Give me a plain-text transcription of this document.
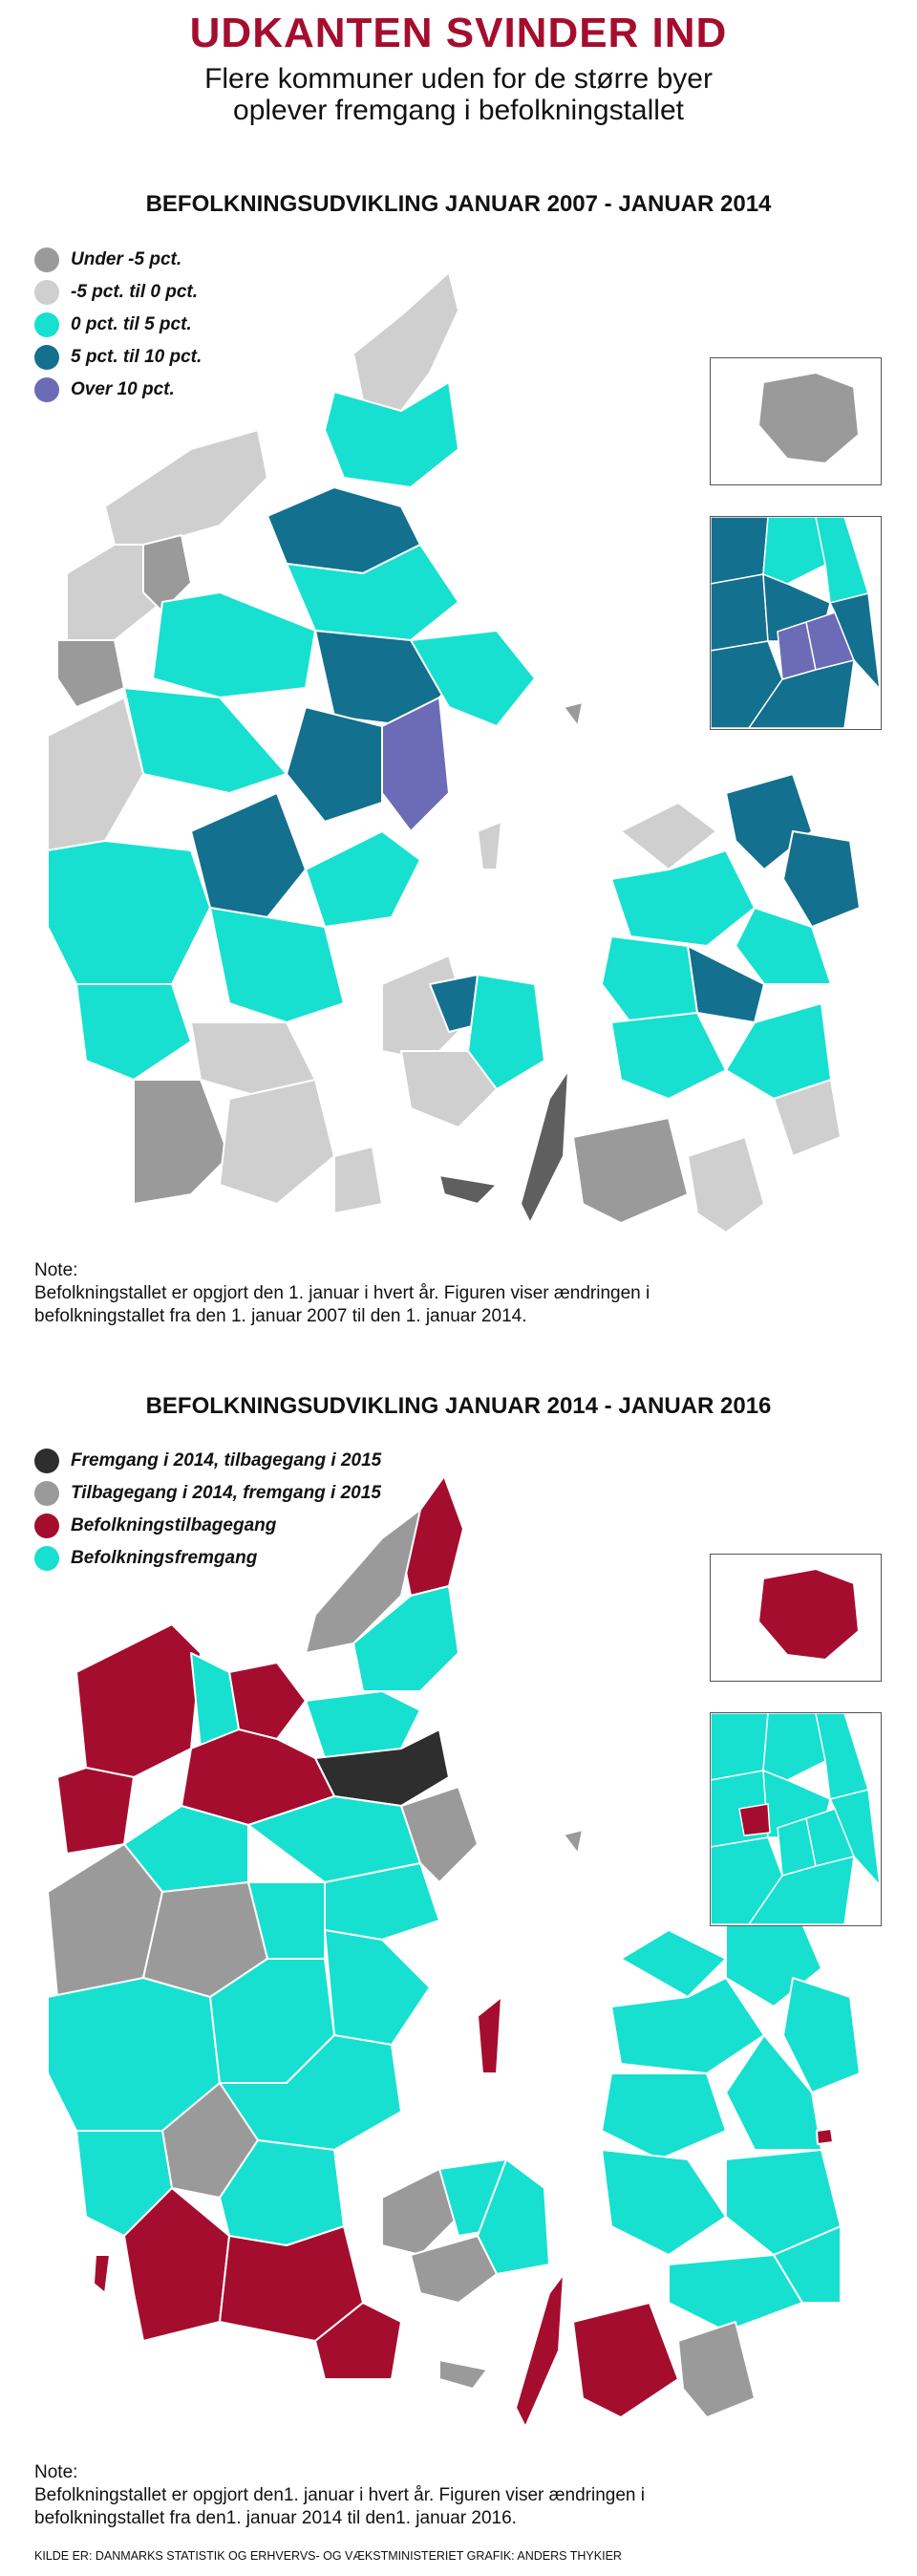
UDKANTEN SVINDER IND
Flere kommuner uden for de større byer
oplever fremgang i befolkningstallet
BEFOLKNINGSUDVIKLING JANUAR 2007 - JANUAR 2014
Under -5 pct.
-5 pct. til 0 pct.
0 pct. til 5 pct.
5 pct. til 10 pct.
Over 10 pct.
Note:
Befolkningstallet er opgjort den 1. januar i hvert år. Figuren viser ændringen i
befolkningstallet fra den 1. januar 2007 til den 1. januar 2014.
BEFOLKNINGSUDVIKLING JANUAR 2014 - JANUAR 2016
Fremgang i 2014, tilbagegang i 2015
Tilbagegang i 2014, fremgang i 2015
Befolkningstilbagegang
Befolkningsfremgang
Note:
Befolkningstallet er opgjort den1. januar i hvert år. Figuren viser ændringen i
befolkningstallet fra den1. januar 2014 til den1. januar 2016.
KILDE ER: DANMARKS STATISTIK OG ERHVERVS- OG VÆKSTMINISTERIET GRAFIK: ANDERS THYKIER
